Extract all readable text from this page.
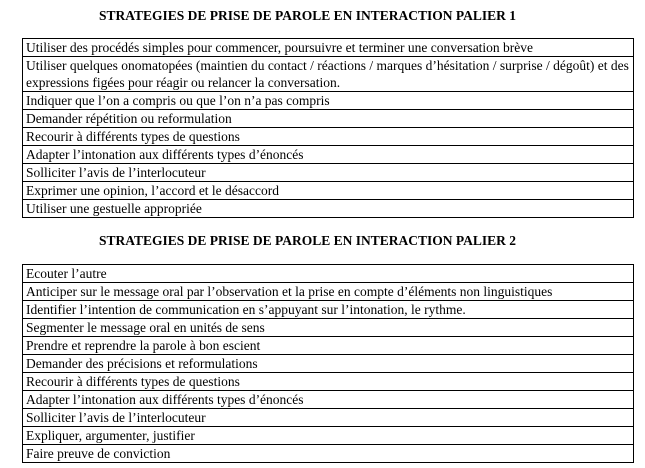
STRATEGIES DE PRISE DE PAROLE EN INTERACTION PALIER 1
Utiliser des procédés simples pour commencer, poursuivre et terminer une conversation brève
Utiliser quelques onomatopées (maintien du contact / réactions / marques d’hésitation / surprise / dégoût) et des expressions figées pour réagir ou relancer la conversation.
Indiquer que l’on a compris ou que l’on n’a pas compris
Demander répétition ou reformulation
Recourir à différents types de questions
Adapter l’intonation aux différents types d’énoncés
Solliciter l’avis de l’interlocuteur
Exprimer une opinion, l’accord et le désaccord
Utiliser une gestuelle appropriée
STRATEGIES DE PRISE DE PAROLE EN INTERACTION PALIER 2
Ecouter l’autre
Anticiper sur le message oral par l’observation et la prise en compte d’éléments non linguistiques
Identifier l’intention de communication en s’appuyant sur l’intonation, le rythme.
Segmenter le message oral en unités de sens
Prendre et reprendre la parole à bon escient
Demander des précisions et reformulations
Recourir à différents types de questions
Adapter l’intonation aux différents types d’énoncés
Solliciter l’avis de l’interlocuteur
Expliquer, argumenter, justifier
Faire preuve de conviction
